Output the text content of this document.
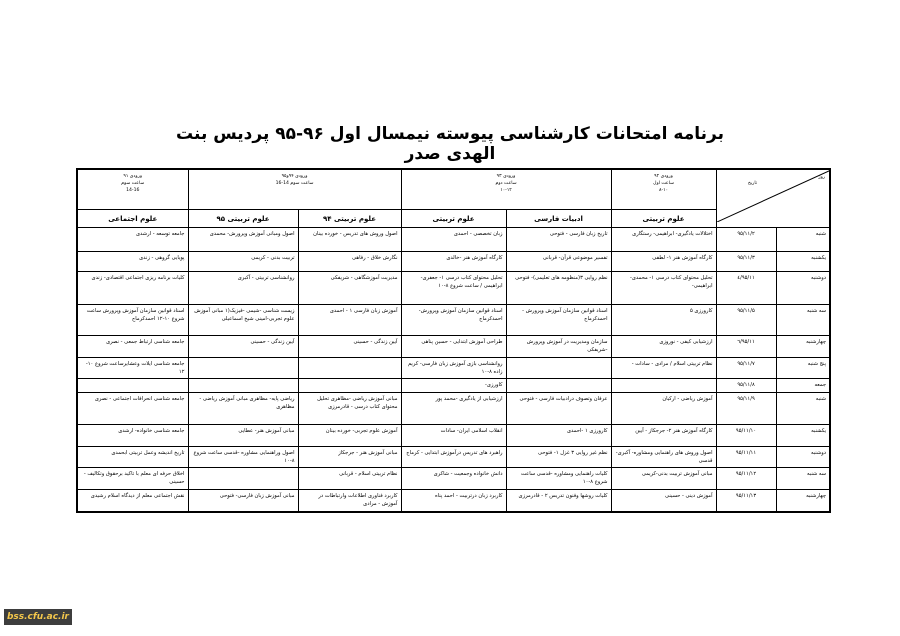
برنامه امتحانات کارشناسی پیوسته نیمسال اول ۹۶-۹۵ پردیس بنت الهدی صدر
روز
تاریخ

ورودی ۹۲
ساعت اول
۸-۱۰

ورودی ۹۳
ساعت دوم
۱۰-۱۲

ورودی ۹۴و۹۵
ساعت سوم 14-16

ورودی ۹۱
ساعت سوم
14-16

		علوم تربیتی	ادبیات فارسی	علوم تربیتی	علوم تربیتی ۹۴	علوم تربیتی ۹۵	علوم اجتماعی
شنبه	۹۵/۱۱/۲	اختلالات یادگیری- ابراهیمی- رستگاری	تاریخ زبان فارسی - فتوحی	زبان تخصصی - احمدی	اصول وروش های تدریس - خورده بینان	اصول ومبانی آموزش وپرورش- محمدی	جامعه توسعه - ارشدی
یکشنبه	۹۵/۱۱/۳	کارگاه آموزش هنر ۱- لطفی	تفسیر موضوعی قرآن- قربانی	کارگاه آموزش هنر -خالدی	نگارش خلاق - رفاهی	تربیت بدنی - کریمی	پویایی گروهی - زندی
دوشنبه	۹۵/۱۱/٤	تحلیل محتوای کتاب درسی ۱- محمدی- ابراهیمی-	نظم روایی ۳(منظومه های تعلیمی)- فتوحی	تحلیل محتوای کتاب درسی ۱- جعفری-ابراهیمی / ساعت شروع ۸-۱۰	مدیریت آموزشگاهی - شریفکی	روانشناسی تربیتی - آکبری	کلیات برنامه ریزی اجتماعی اقتصادی- زندی
سه شنبه	۹۵/۱۱/۵	کارورزی ۵	اسناد قوانین سازمان آموزش وپرورش - احمدکرماج	اسناد قوانین سازمان آموزش وپرورش- احمدکرماج	آموزش زبان فارسی ۱ - احمدی	زیست شناسی -شیمی -فیزیک(۱ مبانی آموزش علوم تجربی-امینی شیخ اسماعیلی	اسناد قوانین سازمان آموزش وپرورش ساعت شروع ۱۰-۱۲ احمدکرماج
چهارشنبه	۹۵/۱۱/٦	ارزشیابی کیفی - نوروزی	سازمان ومدیریت در آموزش وپرورش -شریفکی	طراحی آموزش ابتدایی - حسین پناهی	آیین زندگی - حسینی	آیین زندگی - حسینی	جامعه شناسی ارتباط جمعی - نصری
پنج شنبه	۹۵/۱۱/۷	نظام تربیتی اسلام / مرادی - سادات -		روانشناسی بازی آموزش زبان فارسی- کریم زاده ۸-۱۰			جامعه شناسی ایلات وعشایرساعت شروع ۱۰- ۱۲
جمعه	۹۵/۱۱/۸			کاورزی-			
شنبه	۹۵/۱۱/۹	آموزش ریاضی - ارکیان	عرفان وتصوف درادبیات فارسی - فتوحی	ارزشیابی از یادگیری -محمد پور	مبانی آموزش ریاضی -مظاهری تحلیل محتوای کتاب درسی - قادرمرزی	ریاضی پایه- مظاهری مبانی آموزش ریاضی - مظاهری	جامعه شناسی انحرافات اجتماعی - نصری
یکشنبه	۹۵/۱۱/۱۰	کارگاه آموزش هنر ۲- جرجکاز - آیین	کارورزی ۱ -احمدی	انقلاب اسلامی ایران- سادات	آموزش علوم تجربی- خورده بینان	مبانی آموزش هنر- عطایی	جامعه شناسی خانواده- ارشدی
دوشنبه	۹۵/۱۱/۱۱	اصول وروش های راهنمایی ومشاوره- آکبری- قدسی	نظم غیر روایی ۳ غزل ۱- فتوحی	راهبرد های تدریس درآموزش ابتدایی - کرماج	مبانی آموزش هنر - جرجکاز	اصول وراهنمایی مشاوره -قدسی ساعت شروع ۸-۱۰	تاریخ اندیشه وعمل تربیتی ابحمدی
سه شنبه	۹۵/۱۱/۱۲	مبانی آموزش تربیت بدنی-کریمی	کلیات راهنمایی ومشاوره -قدسی ساعت شروع ۸-۱۰	دانش خانواده وجمعیت - شاکری	نظام تربیتی اسلام - قربانی		اخلاق حرفه ای معلم با تاکید برحقوق وتکالیف - حسینی
چهارشنبه	۹۵/۱۱/۱۳	آموزش دینی - حسینی	کلیات روشها وفنون تدریس ۲ - قادرمرزی	کاربرد زبان درتربیت - احمد پناه	کاربرد فناوری اطلاعات وارتباطات در آموزش - مرادی	مبانی آموزش زبان فارسی- فتوحی	نقش اجتماعی معلم از دیدگاه اسلام رشیدی
bss.cfu.ac.ir
